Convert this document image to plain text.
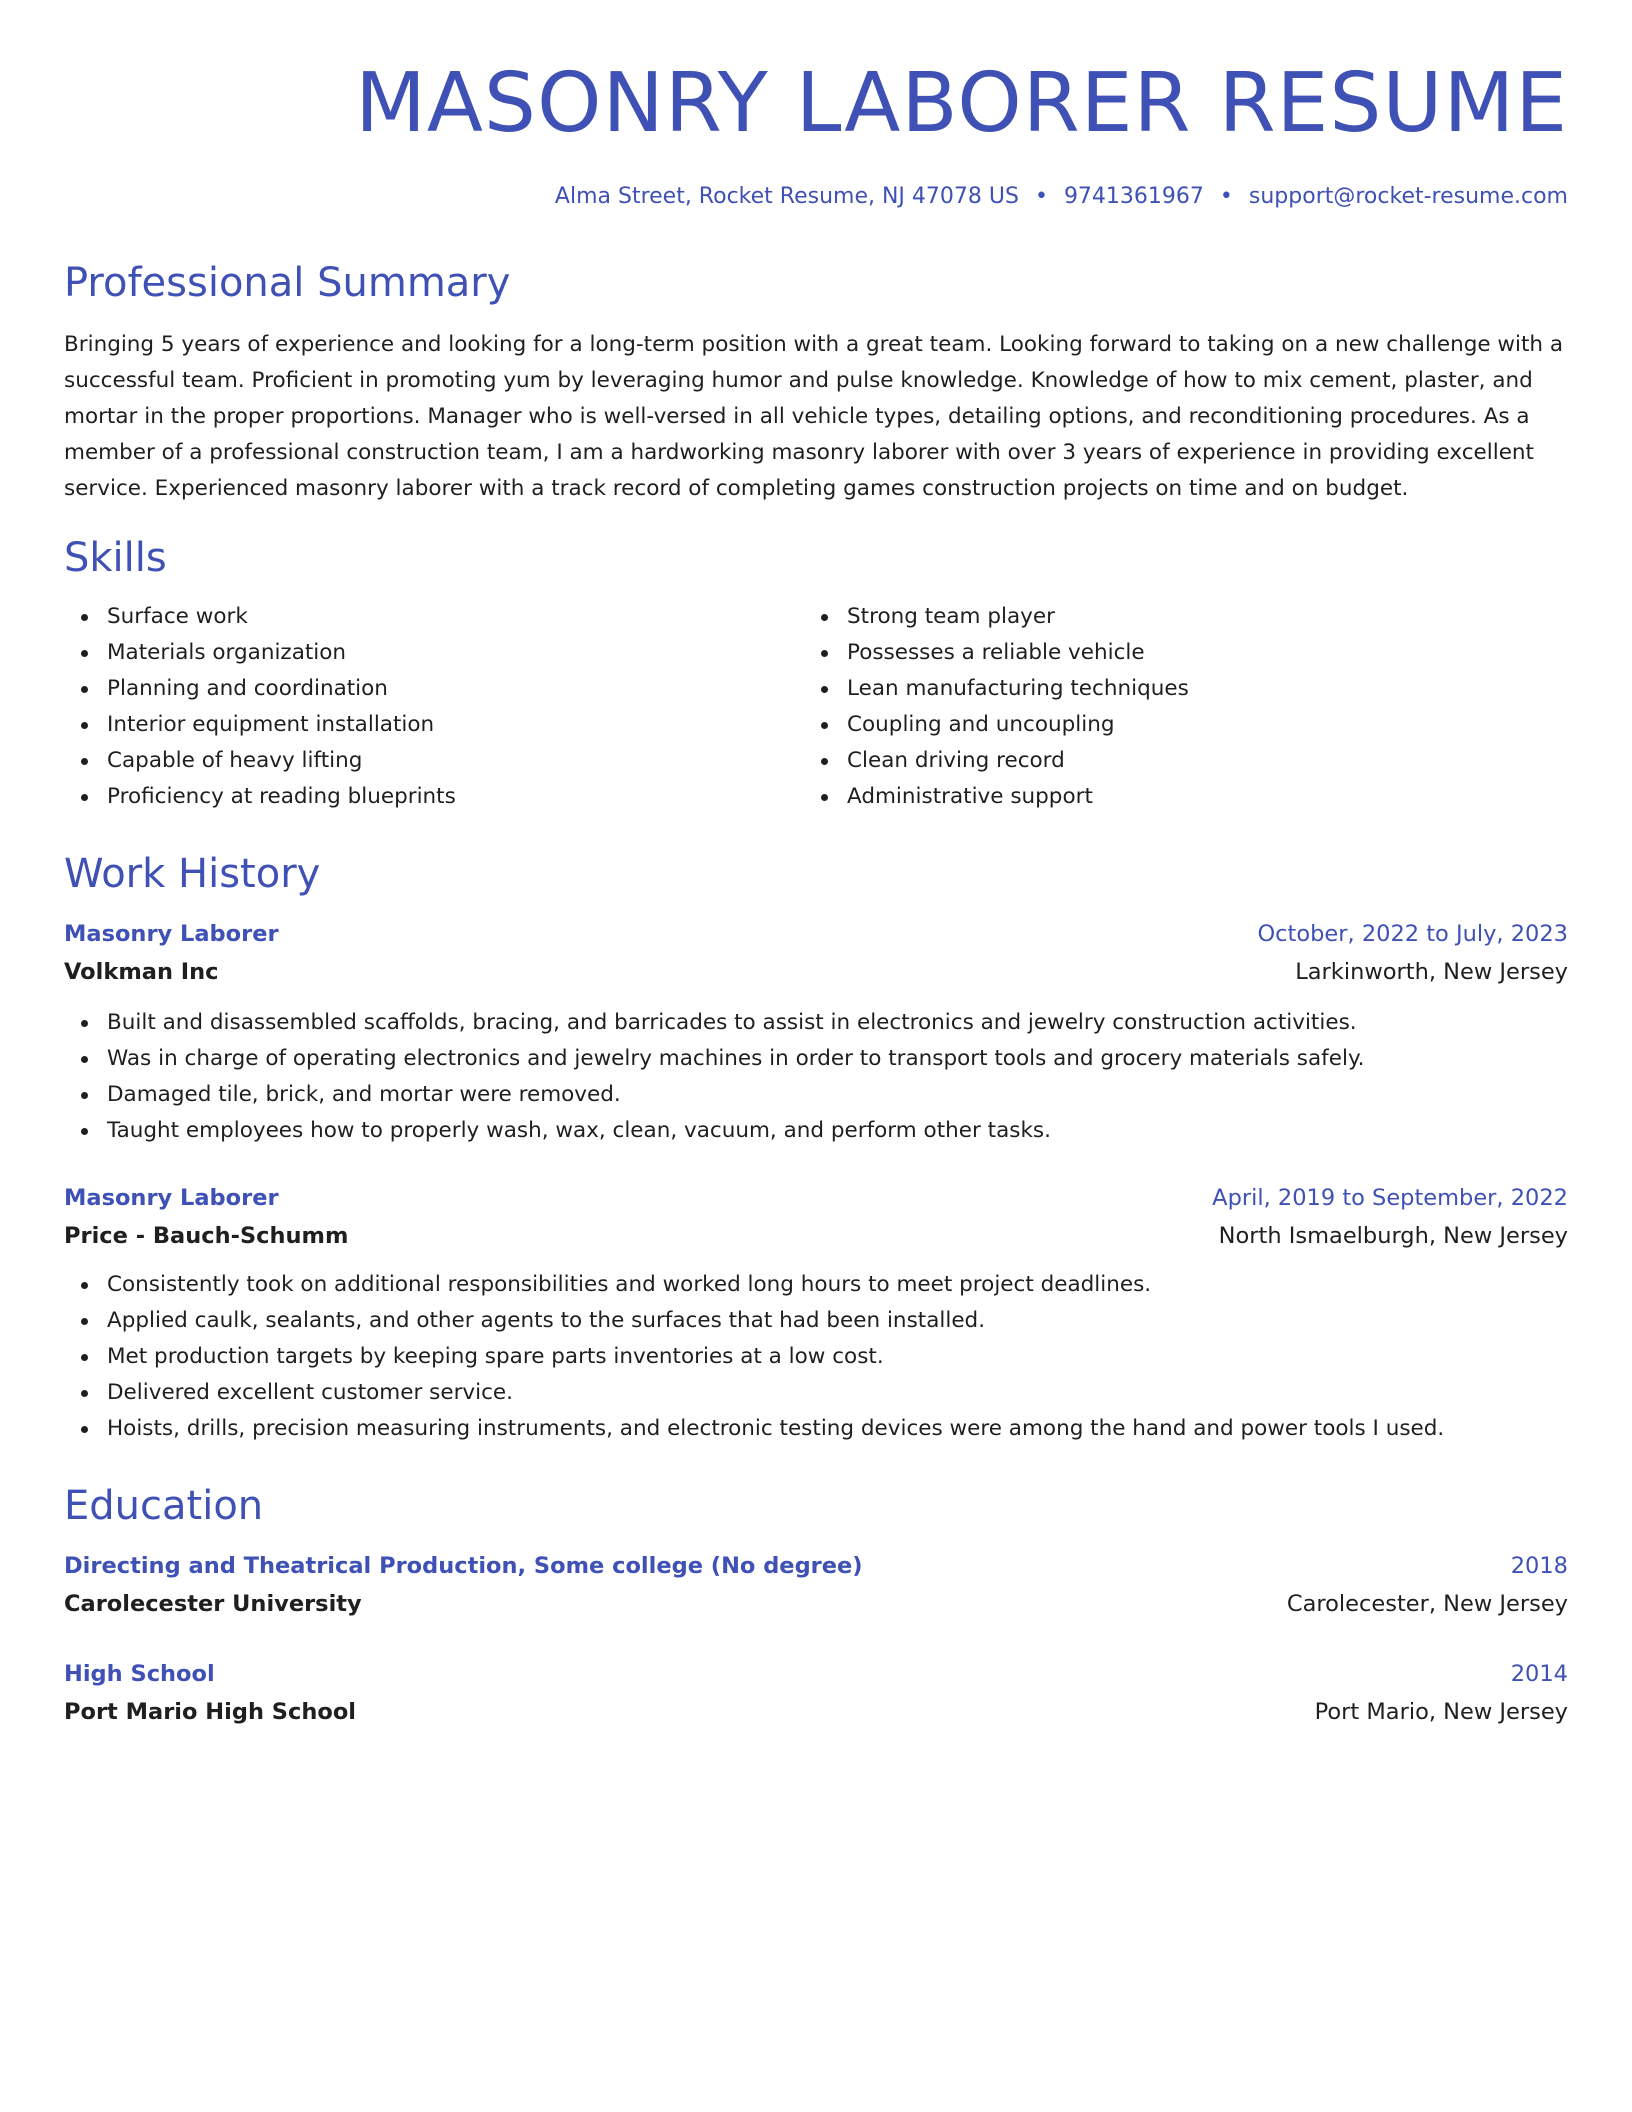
MASONRY LABORER RESUME
Alma Street, Rocket Resume, NJ 47078 US • 9741361967 • support@rocket-resume.com
Professional Summary
Bringing 5 years of experience and looking for a long-term position with a great team. Looking forward to taking on a new challenge with a successful team. Proficient in promoting yum by leveraging humor and pulse knowledge. Knowledge of how to mix cement, plaster, and mortar in the proper proportions. Manager who is well-versed in all vehicle types, detailing options, and reconditioning procedures. As a member of a professional construction team, I am a hardworking masonry laborer with over 3 years of experience in providing excellent service. Experienced masonry laborer with a track record of completing games construction projects on time and on budget.
Skills
Surface work
Materials organization
Planning and coordination
Interior equipment installation
Capable of heavy lifting
Proficiency at reading blueprints
Strong team player
Possesses a reliable vehicle
Lean manufacturing techniques
Coupling and uncoupling
Clean driving record
Administrative support
Work History
Masonry Laborer	October, 2022 to July, 2023
Volkman Inc	Larkinworth, New Jersey
Built and disassembled scaffolds, bracing, and barricades to assist in electronics and jewelry construction activities.
Was in charge of operating electronics and jewelry machines in order to transport tools and grocery materials safely.
Damaged tile, brick, and mortar were removed.
Taught employees how to properly wash, wax, clean, vacuum, and perform other tasks.
Masonry Laborer	April, 2019 to September, 2022
Price - Bauch-Schumm	North Ismaelburgh, New Jersey
Consistently took on additional responsibilities and worked long hours to meet project deadlines.
Applied caulk, sealants, and other agents to the surfaces that had been installed.
Met production targets by keeping spare parts inventories at a low cost.
Delivered excellent customer service.
Hoists, drills, precision measuring instruments, and electronic testing devices were among the hand and power tools I used.
Education
Directing and Theatrical Production, Some college (No degree)	2018
Carolecester University	Carolecester, New Jersey
High School	2014
Port Mario High School	Port Mario, New Jersey
